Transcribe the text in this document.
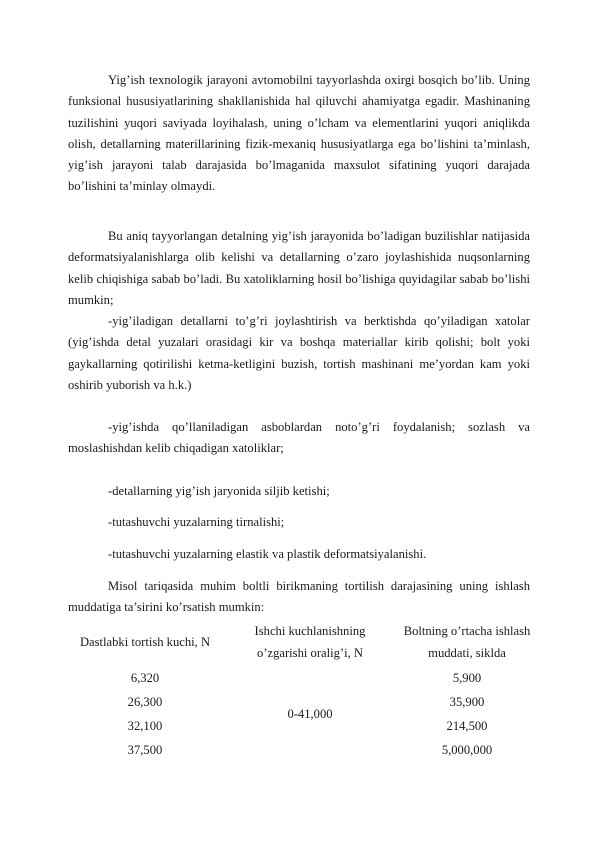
Yig’ish texnologik jarayoni avtomobilni tayyorlashda oxirgi bosqich bo’lib. Uning funksional hususiyatlarining shakllanishida hal qiluvchi ahamiyatga egadir. Mashinaning tuzilishini yuqori saviyada loyihalash, uning o’lcham va elementlarini yuqori aniqlikda olish, detallarning materillarining fizik-mexaniq hususiyatlarga ega bo’lishini ta’minlash, yig’ish jarayoni talab darajasida bo’lmaganida maxsulot sifatining yuqori darajada bo’lishini ta’minlay olmaydi.

Bu aniq tayyorlangan detalning yig’ish jarayonida bo’ladigan buzilishlar natijasida deformatsiyalanishlarga olib kelishi va detallarning o’zaro joylashishida nuqsonlarning kelib chiqishiga sabab bo’ladi. Bu xatoliklarning hosil bo’lishiga quyidagilar sabab bo’lishi mumkin;

-yig’iladigan detallarni to’g’ri joylashtirish va berktishda qo’yiladigan xatolar (yig’ishda detal yuzalari orasidagi kir va boshqa materiallar kirib qolishi; bolt yoki gaykallarning qotirilishi ketma-ketligini buzish, tortish mashinani me’yordan kam yoki oshirib yuborish va h.k.)

-yig’ishda qo’llaniladigan asboblardan noto’g’ri foydalanish; sozlash va moslashishdan kelib chiqadigan xatoliklar;

-detallarning yig’ish jaryonida siljib ketishi;

-tutashuvchi yuzalarning tirnalishi;

-tutashuvchi yuzalarning elastik va plastik deformatsiyalanishi.

Misol tariqasida muhim boltli birikmaning tortilish darajasining uning ishlash muddatiga ta’sirini ko’rsatish mumkin:

Dastlabki tortish kuchi, N	Ishchi kuchlanishning o’zgarishi oralig’i, N	Boltning o’rtacha ishlash muddati, siklda
6,320	0-41,000	5,900
26,300		35,900
32,100		214,500
37,500		5,000,000
